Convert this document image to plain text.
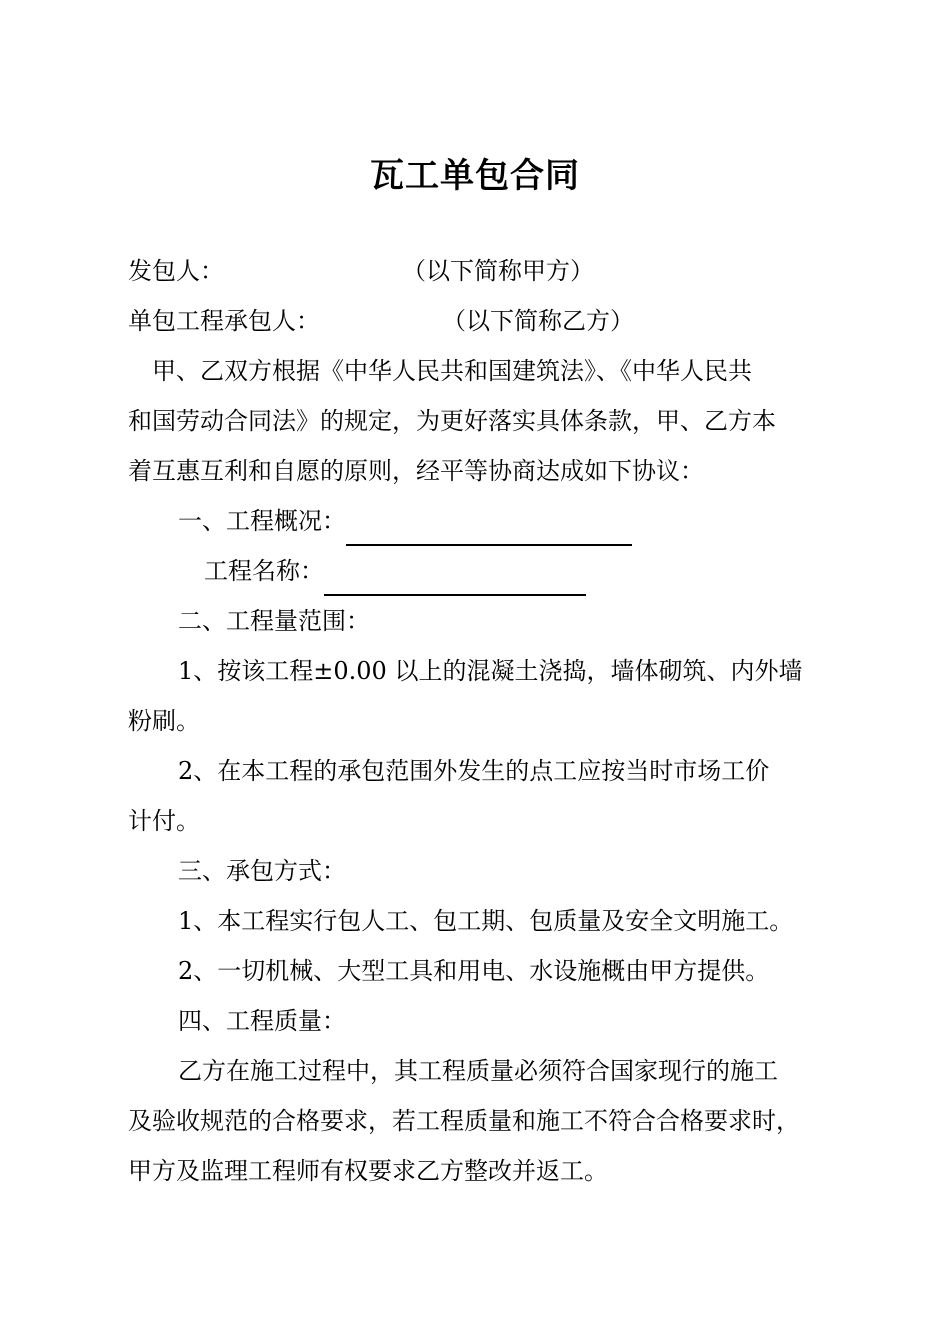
瓦工单包合同
发包人：	（以下简称甲方）
单包工程承包人：	（以下简称乙方）
甲、乙双方根据《中华人民共和国建筑法》、《中华人民共
和国劳动合同法》的规定，为更好落实具体条款，甲、乙方本
着互惠互利和自愿的原则，经平等协商达成如下协议：
一、工程概况：
工程名称：
二、工程量范围：
1、按该工程±0.00 以上的混凝土浇捣，墙体砌筑、内外墙
粉刷。
2、在本工程的承包范围外发生的点工应按当时市场工价
计付。
三、承包方式：
1、本工程实行包人工、包工期、包质量及安全文明施工。
2、一切机械、大型工具和用电、水设施概由甲方提供。
四、工程质量：
乙方在施工过程中，其工程质量必须符合国家现行的施工
及验收规范的合格要求，若工程质量和施工不符合合格要求时，
甲方及监理工程师有权要求乙方整改并返工。
